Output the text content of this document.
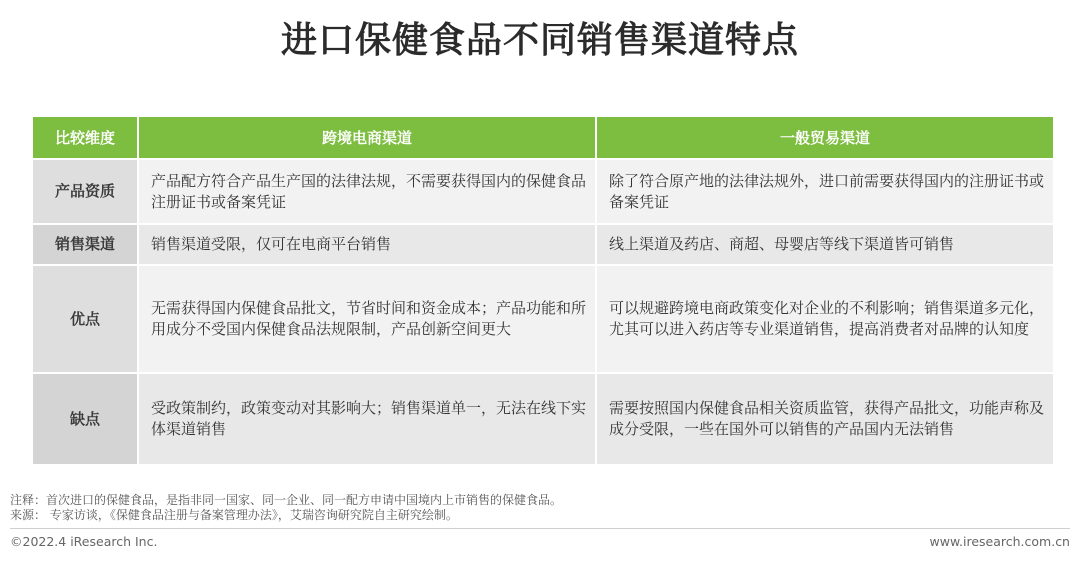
进口保健食品不同销售渠道特点
比较维度	跨境电商渠道	一般贸易渠道
产品资质	产品配方符合产品生产国的法律法规，不需要获得国内的保健食品注册证书或备案凭证	除了符合原产地的法律法规外，进口前需要获得国内的注册证书或备案凭证
销售渠道	销售渠道受限，仅可在电商平台销售	线上渠道及药店、商超、母婴店等线下渠道皆可销售
优点	无需获得国内保健食品批文，节省时间和资金成本；产品功能和所用成分不受国内保健食品法规限制，产品创新空间更大	可以规避跨境电商政策变化对企业的不利影响；销售渠道多元化，尤其可以进入药店等专业渠道销售，提高消费者对品牌的认知度
缺点	受政策制约，政策变动对其影响大；销售渠道单一，无法在线下实体渠道销售	需要按照国内保健食品相关资质监管，获得产品批文，功能声称及成分受限，一些在国外可以销售的产品国内无法销售
注释：首次进口的保健食品，是指非同一国家、同一企业、同一配方申请中国境内上市销售的保健食品。
来源： 专家访谈，《保健食品注册与备案管理办法》，艾瑞咨询研究院自主研究绘制。
©2022.4 iResearch Inc.	www.iresearch.com.cn
